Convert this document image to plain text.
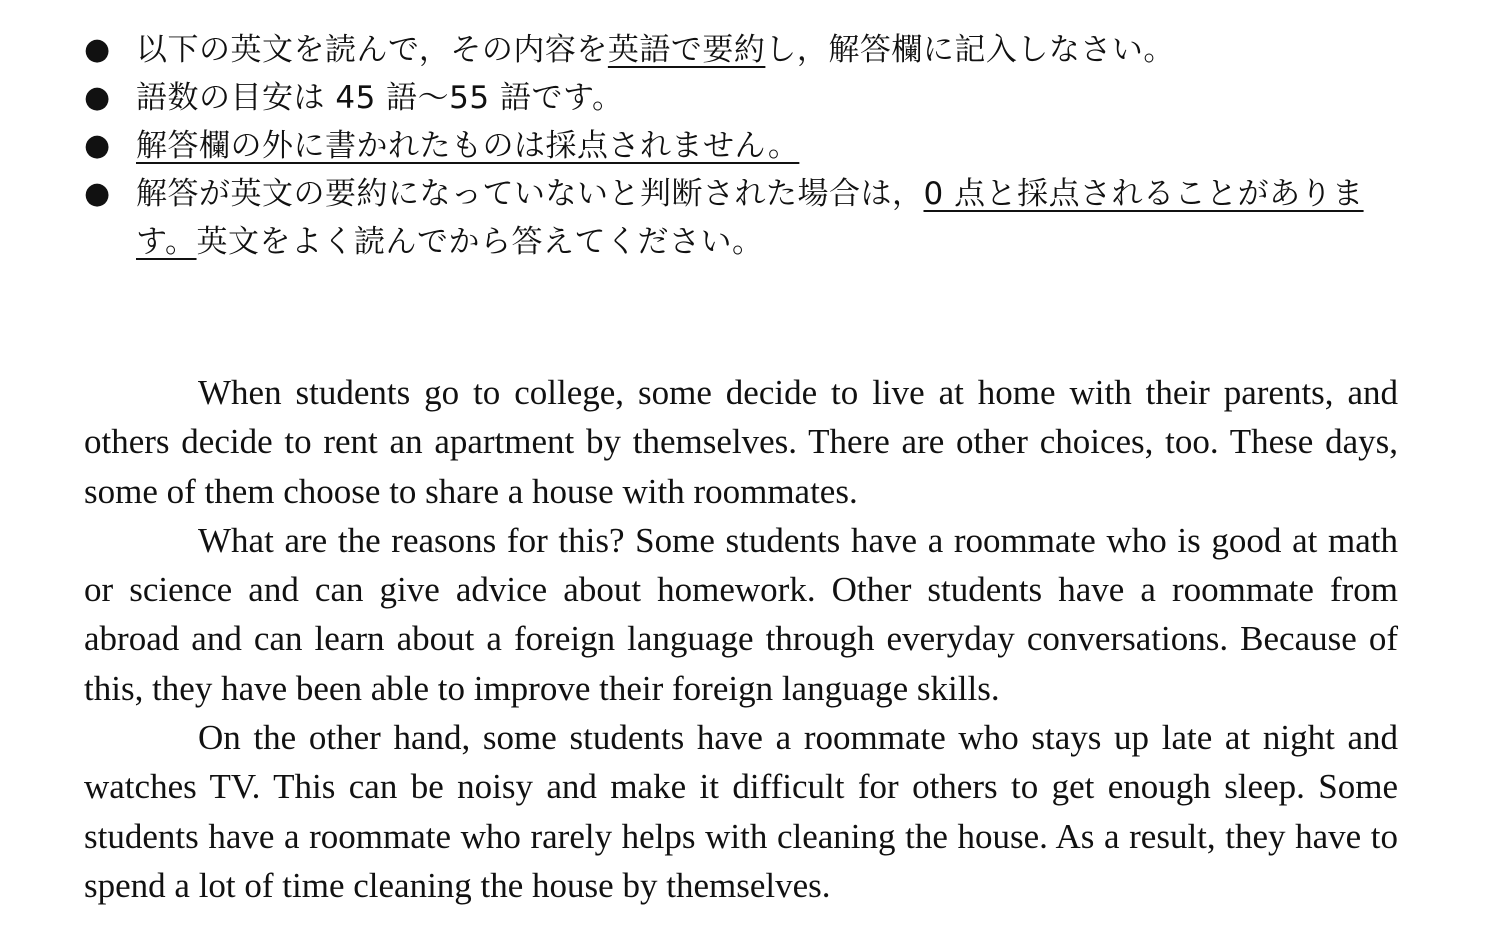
● 以下の英文を読んで，その内容を英語で要約し，解答欄に記入しなさい。
● 語数の目安は 45 語～55 語です。
● 解答欄の外に書かれたものは採点されません。
● 解答が英文の要約になっていないと判断された場合は，0 点と採点されることがあります。英文をよく読んでから答えてください。

When students go to college, some decide to live at home with their parents, and others decide to rent an apartment by themselves. There are other choices, too. These days, some of them choose to share a house with roommates.

What are the reasons for this? Some students have a roommate who is good at math or science and can give advice about homework. Other students have a roommate from abroad and can learn about a foreign language through everyday conversations. Because of this, they have been able to improve their foreign language skills.

On the other hand, some students have a roommate who stays up late at night and watches TV. This can be noisy and make it difficult for others to get enough sleep. Some students have a roommate who rarely helps with cleaning the house. As a result, they have to spend a lot of time cleaning the house by themselves.
